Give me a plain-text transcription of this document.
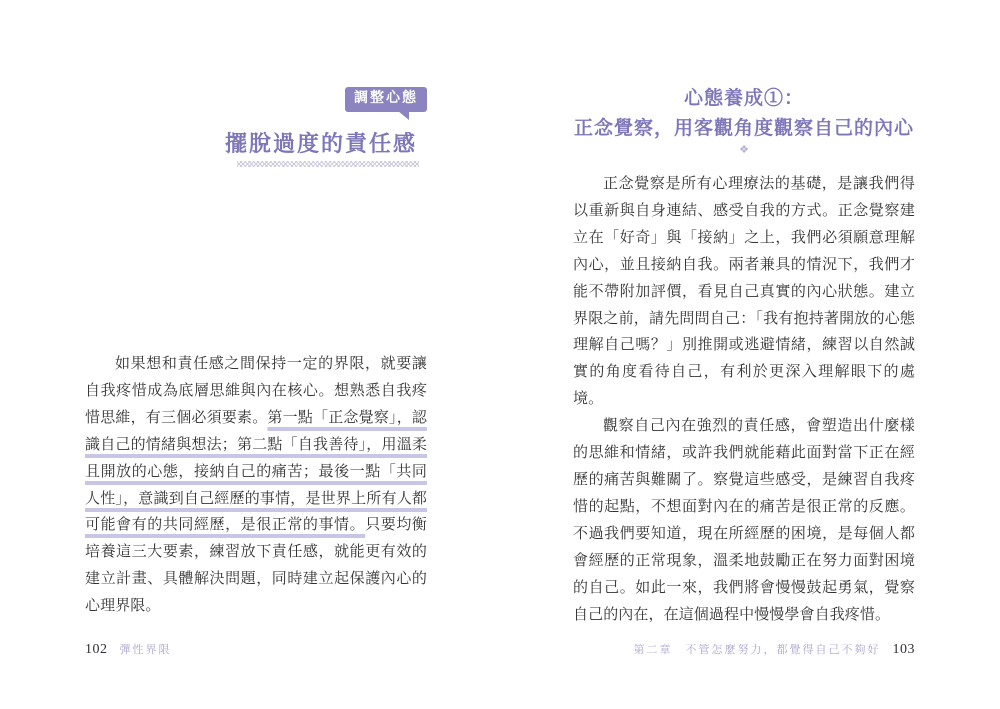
調整心態
擺脫過度的責任感

如果想和責任感之間保持一定的界限，就要讓自我疼惜成為底層思維與內在核心。想熟悉自我疼惜思維，有三個必須要素。第一點「正念覺察」，認識自己的情緒與想法；第二點「自我善待」，用溫柔且開放的心態，接納自己的痛苦；最後一點「共同人性」，意識到自己經歷的事情，是世界上所有人都可能會有的共同經歷，是很正常的事情。只要均衡培養這三大要素，練習放下責任感，就能更有效的建立計畫、具體解決問題，同時建立起保護內心的心理界限。

102 彈性界限
心態養成①：
正念覺察，用客觀角度觀察自己的內心
❖

正念覺察是所有心理療法的基礎，是讓我們得以重新與自身連結、感受自我的方式。正念覺察建立在「好奇」與「接納」之上，我們必須願意理解內心，並且接納自我。兩者兼具的情況下，我們才能不帶附加評價，看見自己真實的內心狀態。建立界限之前，請先問問自己：「我有抱持著開放的心態理解自己嗎？」別推開或逃避情緒，練習以自然誠實的角度看待自己，有利於更深入理解眼下的處境。

觀察自己內在強烈的責任感，會塑造出什麼樣的思維和情緒，或許我們就能藉此面對當下正在經歷的痛苦與難關了。察覺這些感受，是練習自我疼惜的起點，不想面對內在的痛苦是很正常的反應。不過我們要知道，現在所經歷的困境，是每個人都會經歷的正常現象，溫柔地鼓勵正在努力面對困境的自己。如此一來，我們將會慢慢鼓起勇氣，覺察自己的內在，在這個過程中慢慢學會自我疼惜。

第二章　不管怎麼努力，都覺得自己不夠好 103
